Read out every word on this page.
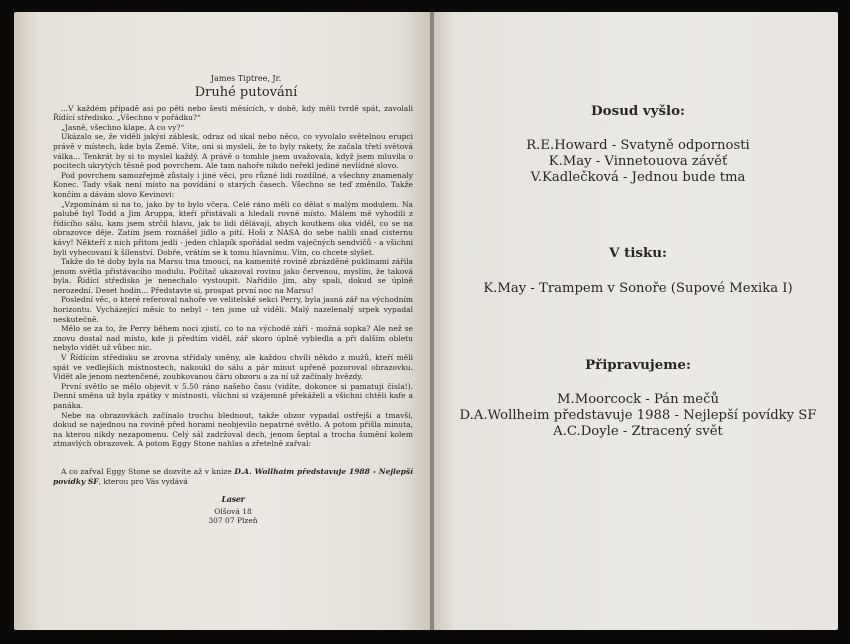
James Tiptree, Jr.
Druhé putování

...V každém případě asi po pěti nebo šesti měsících, v době, kdy měli tvrdě spát, zavolali Řídící středisko. „Všechno v pořádku?“

„Jasně, všechno klape. A co vy?“

Ukázalo se, že viděli jakýsi záblesk, odraz od skal nebo něco, co vyvolalo světelnou erupci právě v místech, kde byla Země. Víte, oni si mysleli, že to byly rakety, že začala třetí světová válka... Tenkrát by si to myslel každý. A právě o tomhle jsem uvažovala, když jsem mluvila o pocitech ukrytých těsně pod povrchem. Ale tam nahoře nikdo neřekl jediné nevlídné slovo.

Pod povrchem samozřejmě zůstaly i jiné věci, pro různé lidi rozdílné, a všechny znamenaly Konec. Tady však není místo na povídání o starých časech. Všechno se teď změnilo. Takže končím a dávám slovo Kevinovi:

„Vzpomínám si na to, jako by to bylo včera. Celé ráno měli co dělat s malým modulem. Na palubě byl Todd a Jim Aruppa, kteří přistávali a hledali rovné místo. Málem mě vyhodili z řídícího sálu, kam jsem strčil hlavu, jak to lidi dělávají, abych koutkem oka viděl, co se na obrazovce děje. Zatím jsem roznášel jídlo a pití. Hoši z NASA do sebe nalili snad cisternu kávy! Někteří z nich přitom jedli - jeden chlapík spořádal sedm vaječných sendvičů - a všichni byli vyhecovaní k šílenství. Dobře, vrátím se k tomu hlavnímu. Vím, co chcete slyšet.

Takže do té doby byla na Marsu tma tmoucí, na kamenité rovině zbrázděné puklinami zářila jenom světla přistávacího modulu. Počítač ukazoval rovinu jako červenou, myslím, že taková byla. Řídící středisko je nenechalo vystoupit. Nařídilo jim, aby spali, dokud se úplně nerozední. Deset hodin... Představte si, prospat první noc na Marsu!

Poslední věc, o které referoval nahoře ve velitelské sekci Perry, byla jasná zář na východním horizontu. Vycházející měsíc to nebyl - ten jsme už viděli. Malý nazelenalý srpek vypadal neskutečně.

Mělo se za to, že Perry během noci zjistí, co to na východě září - možná sopka? Ale než se znovu dostal nad místo, kde ji předtím viděl, zář skoro úplně vybledla a při dalším obletu nebylo vidět už vůbec nic.

V Řídícím středisku se zrovna střídaly směny, ale každou chvíli někdo z mužů, kteří měli spát ve vedlejších místnostech, nakoukl do sálu a pár minut upřeně pozoroval obrazovku. Vidět ale jenom neztenčené, zoubkovanou čáru obzoru a za ní už začínaly hvězdy.

První světlo se mělo objevit v 5.50 ráno našeho času (vidíte, dokonce si pamatuji čísla!). Denní směna už byla zpátky v místnosti, všichni si vzájemně překáželi a všichni chtěli kafe a panáka.

Nebe na obrazovkách začínalo trochu blednout, takže obzor vypadal ostřejší a tmavší, dokud se najednou na rovině před horami neobjevilo nepatrné světlo. A potom přišla minuta, na kterou nikdy nezapomenu. Celý sál zadržoval dech, jenom šeptal a trocha šumění kolem ztmavlých obrazovek. A potom Eggy Stone nahlas a zřetelně zařval:

A co zařval Eggy Stone se dozvíte až v knize D.A. Wollhaim představuje 1988 - Nejlepší povídky SF, kterou pro Vás vydává
Laser
Olšová 18
307 07 Plzeň
Dosud vyšlo:
R.E.Howard - Svatyně odpornosti
K.May - Vinnetouova závěť
V.Kadlečková - Jednou bude tma
V tisku:
K.May - Trampem v Sonoře (Supové Mexika I)
Připravujeme:
M.Moorcock - Pán mečů
D.A.Wollheim představuje 1988 - Nejlepší povídky SF
A.C.Doyle - Ztracený svět
